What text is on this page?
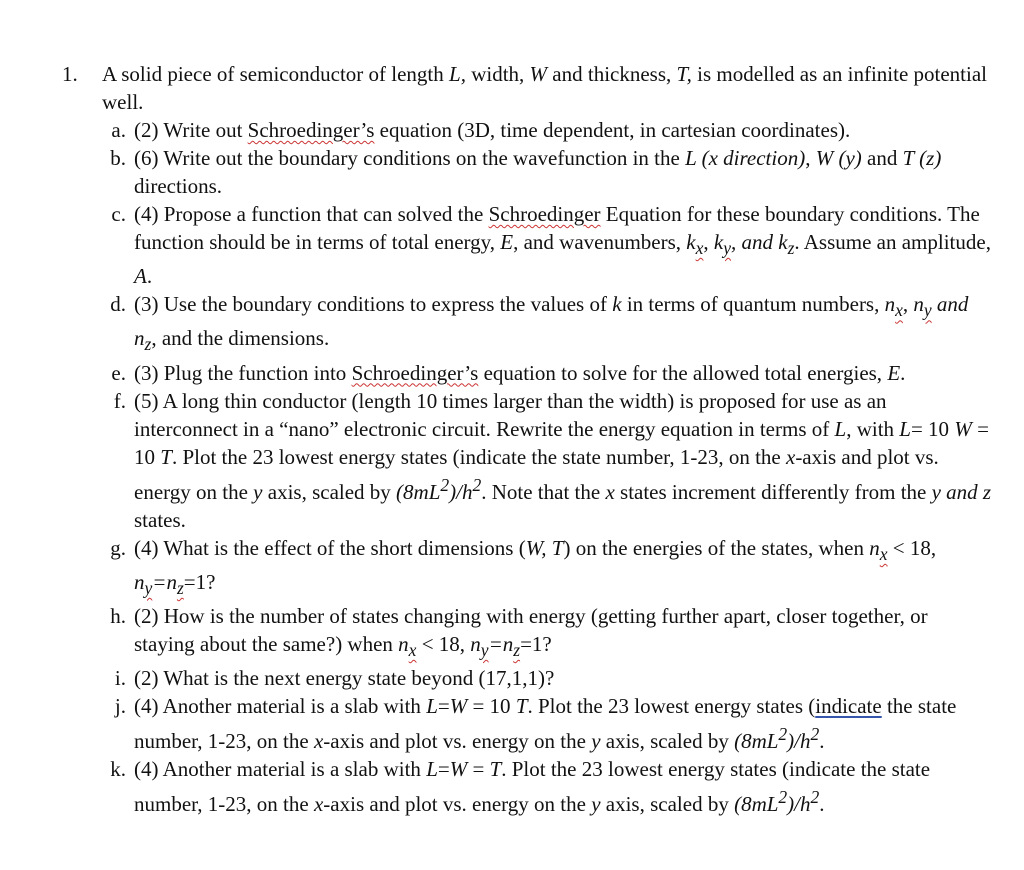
1. A solid piece of semiconductor of length L, width, W and thickness, T, is modelled as an infinite potential well.
a. (2) Write out Schroedinger’s equation (3D, time dependent, in cartesian coordinates).
b. (6) Write out the boundary conditions on the wavefunction in the L (x direction), W (y) and T (z) directions.
c. (4) Propose a function that can solved the Schroedinger Equation for these boundary conditions. The function should be in terms of total energy, E, and wavenumbers, $k_x$, $k_y$, and $k_z$. Assume an amplitude, A.
d. (3) Use the boundary conditions to express the values of k in terms of quantum numbers, $n_x$, $n_y$ and $n_z$, and the dimensions.
e. (3) Plug the function into Schroedinger’s equation to solve for the allowed total energies, E.
f. (5) A long thin conductor (length 10 times larger than the width) is proposed for use as an interconnect in a “nano” electronic circuit. Rewrite the energy equation in terms of L, with L= 10 W = 10 T. Plot the 23 lowest energy states (indicate the state number, 1-23, on the x-axis and plot vs. energy on the y axis, scaled by $(8mL^2)/h^2$. Note that the x states increment differently from the y and z states.
g. (4) What is the effect of the short dimensions (W, T) on the energies of the states, when $n_x < 18$, $n_y=n_z=1$?
h. (2) How is the number of states changing with energy (getting further apart, closer together, or staying about the same?) when $n_x < 18$, $n_y=n_z=1$?
i. (2) What is the next energy state beyond (17,1,1)?
j. (4) Another material is a slab with L=W = 10 T. Plot the 23 lowest energy states (indicate the state number, 1-23, on the x-axis and plot vs. energy on the y axis, scaled by $(8mL^2)/h^2$.
k. (4) Another material is a slab with L=W = T. Plot the 23 lowest energy states (indicate the state number, 1-23, on the x-axis and plot vs. energy on the y axis, scaled by $(8mL^2)/h^2$.
